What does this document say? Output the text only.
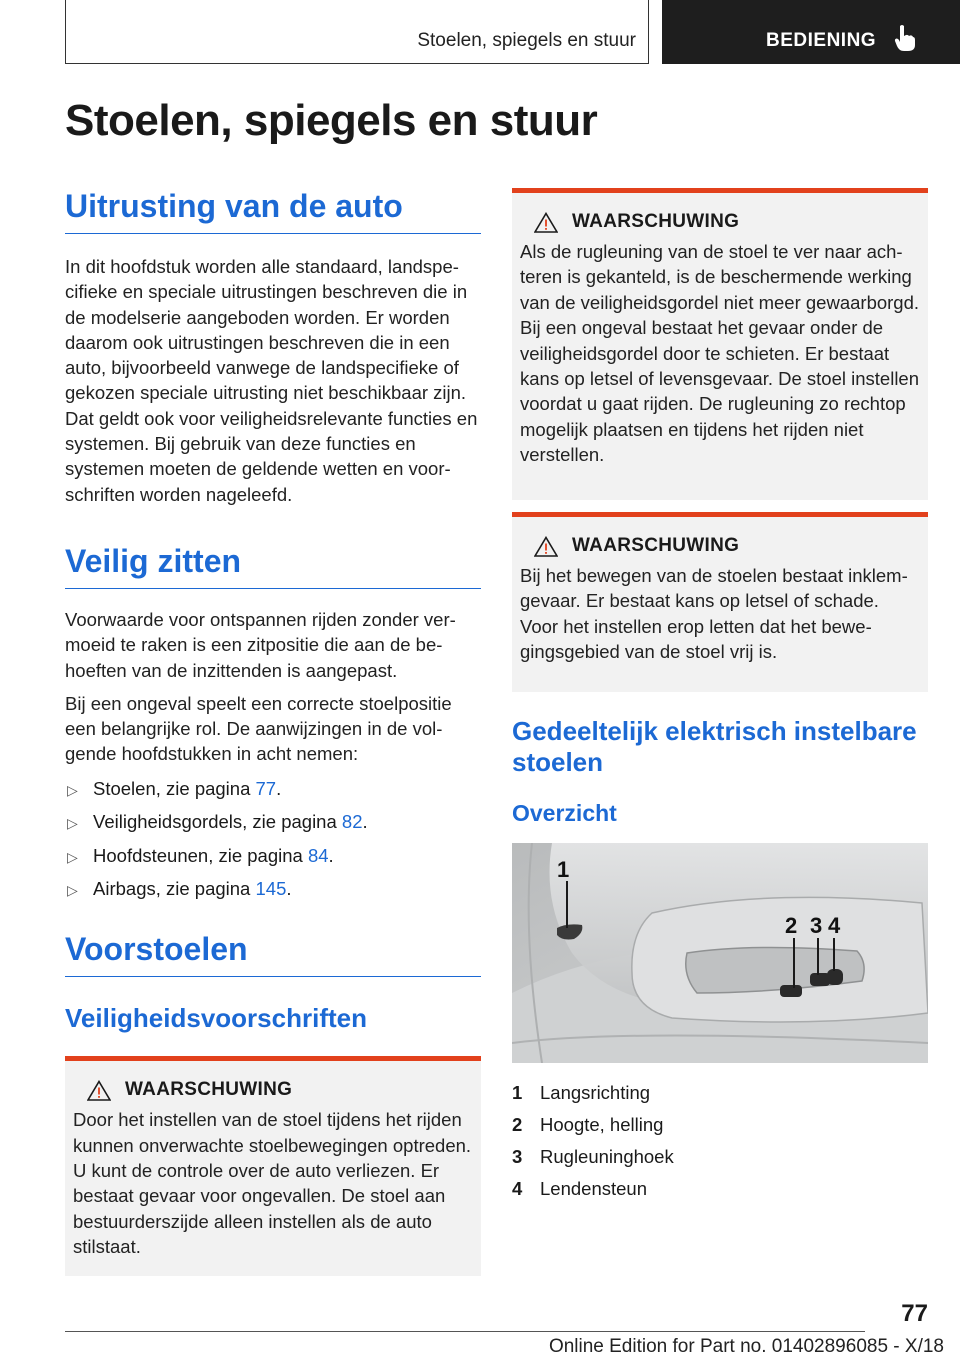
Stoelen, spiegels en stuur	BEDIENING
Stoelen, spiegels en stuur
Uitrusting van de auto

In dit hoofdstuk worden alle standaard, landspecifieke en speciale uitrustingen beschreven die in de modelserie aangeboden worden. Er worden daarom ook uitrustingen beschreven die in een auto, bijvoorbeeld vanwege de landspecifieke of gekozen speciale uitrusting niet beschikbaar zijn. Dat geldt ook voor veiligheidsrelevante functies en systemen. Bij gebruik van deze functies en systemen moeten de geldende wetten en voorschriften worden nageleefd.

Veilig zitten

Voorwaarde voor ontspannen rijden zonder vermoeid te raken is een zitpositie die aan de behoeften van de inzittenden is aangepast.

Bij een ongeval speelt een correcte stoelpositie een belangrijke rol. De aanwijzingen in de volgende hoofdstukken in acht nemen:

▷ Stoelen, zie pagina 77.
▷ Veiligheidsgordels, zie pagina 82.
▷ Hoofdsteunen, zie pagina 84.
▷ Airbags, zie pagina 145.
Voorstoelen
Veiligheidsvoorschriften
WAARSCHUWING

Door het instellen van de stoel tijdens het rijden kunnen onverwachte stoelbewegingen optreden. U kunt de controle over de auto verliezen. Er bestaat gevaar voor ongevallen. De stoel aan bestuurderszijde alleen instellen als de auto stilstaat.

WAARSCHUWING

Als de rugleuning van de stoel te ver naar achteren is gekanteld, is de beschermende werking van de veiligheidsgordel niet meer gewaarborgd. Bij een ongeval bestaat het gevaar onder de veiligheidsgordel door te schieten. Er bestaat kans op letsel of levensgevaar. De stoel instellen voordat u gaat rijden. De rugleuning zo rechtop mogelijk plaatsen en tijdens het rijden niet verstellen.

WAARSCHUWING

Bij het bewegen van de stoelen bestaat inklemgevaar. Er bestaat kans op letsel of schade. Voor het instellen erop letten dat het bewegingsgebied van de stoel vrij is.

Gedeeltelijk elektrisch instelbare stoelen
Overzicht
1
2 3 4
1 Langsrichting
2 Hoogte, helling
3 Rugleuninghoek
4 Lendensteun
77
Online Edition for Part no. 01402896085 - X/18
